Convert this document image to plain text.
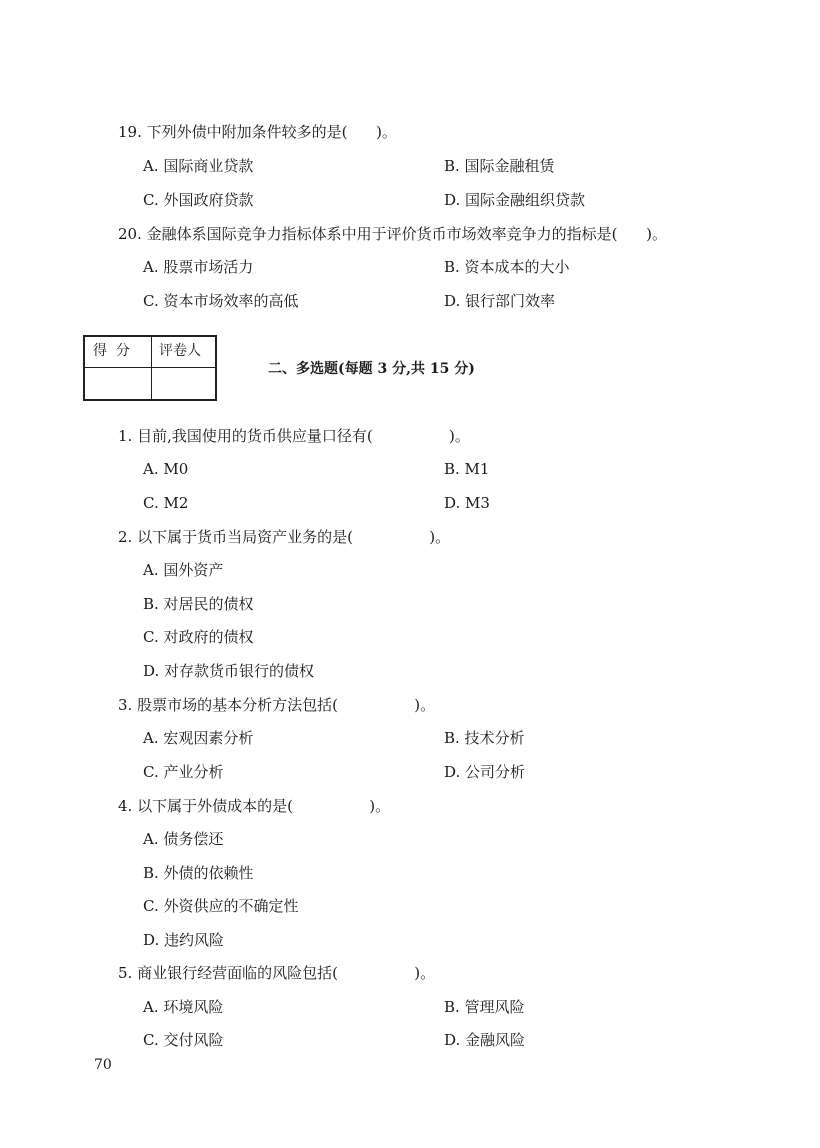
19. 下列外债中附加条件较多的是(      )。
A. 国际商业贷款	B. 国际金融租赁
C. 外国政府贷款	D. 国际金融组织贷款
20. 金融体系国际竞争力指标体系中用于评价货币市场效率竞争力的指标是(      )。
A. 股票市场活力	B. 资本成本的大小
C. 资本市场效率的高低	D. 银行部门效率
得  分 评卷人
二、多选题(每题 3 分,共 15 分)
1. 目前,我国使用的货币供应量口径有(                )。
A. M0	B. M1
C. M2	D. M3
2. 以下属于货币当局资产业务的是(                )。
A. 国外资产
B. 对居民的债权
C. 对政府的债权
D. 对存款货币银行的债权
3. 股票市场的基本分析方法包括(                )。
A. 宏观因素分析	B. 技术分析
C. 产业分析	D. 公司分析
4. 以下属于外债成本的是(                )。
A. 债务偿还
B. 外债的依赖性
C. 外资供应的不确定性
D. 违约风险
5. 商业银行经营面临的风险包括(                )。
A. 环境风险	B. 管理风险
C. 交付风险	D. 金融风险
70
